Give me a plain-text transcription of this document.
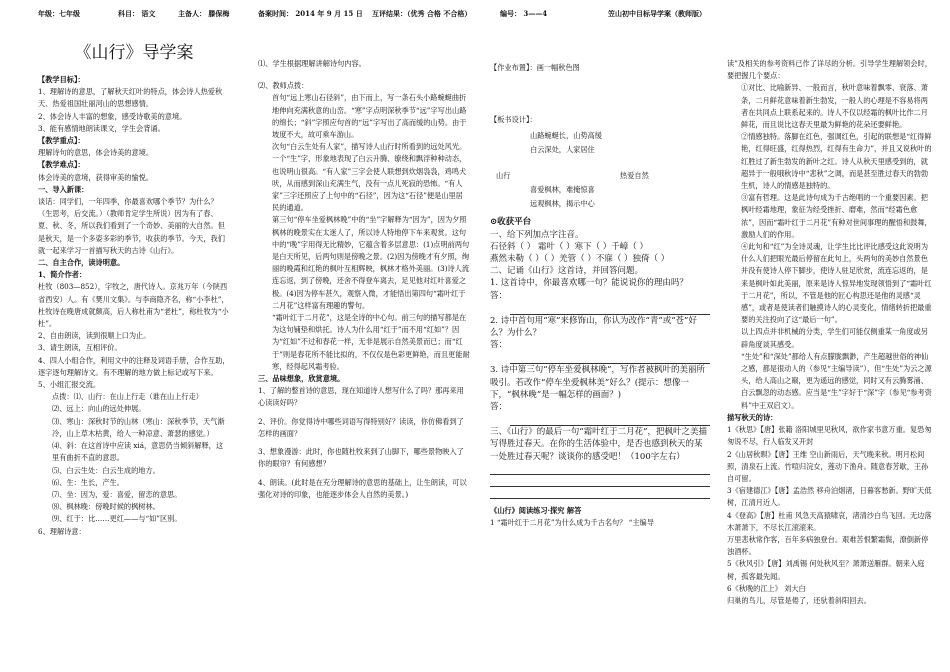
年级：七年级	科目： 语文	主备人： 滕保梅	备案时间： 2014 年 9 月 15 日 互评结果：（优秀 合格 不合格）	编号： 3——4	笠山初中目标导学案（教师版）
《山行》导学案

【教学目标】：

1、理解诗的意思，了解秋天红叶的特点，体会诗人热爱秋天、热爱祖国壮丽河山的思想感情。

2、体会诗人丰富的想象，感受诗歌美的意境。

3、能有感情地朗读课文，学生会背诵。

【教学重点】：

理解诗句的意思，体会诗美的意境。

【教学难点】：

体会诗美的意境，获得审美的愉悦。

一、导入新课：

谈话：同学们，一年四季，你最喜欢哪个季节？为什么？（生思考，后交流。）（教师肯定学生所说）因为有了春、夏、秋、冬，所以我们看到了一个奇妙、美丽的大自然。但是秋天，是一个多姿多彩的季节，收获的季节。今天，我们就一起来学习一首描写秋天的古诗《山行》。

二、自主合作，读诗明意。

1、简介作者：

杜牧（803—852），字牧之，唐代诗人。京兆万年（今陕西省西安）人。有《樊川文集》。与李商隐齐名，称“小李杜”，杜牧诗在晚唐成就颇高，后人称杜甫为“老杜”，称杜牧为“小杜”。

2、自由朗读，读到很顺上口为止。

3、请生朗读，互相评价。

4、四人小组合作，利用文中的注释及词语手册，合作互助，逐字逐句理解诗文。有不理解的地方做上标记或写下来。

5、小组汇报交流。

点拨：⑴、山行：在山上行走（谁在山上行走）

⑵、远上：向山的远处伸展。

⑶、寒山：深秋时节的山林（寒山：深秋季节，天气渐冷，山上草木枯黄，给人一种凉意、萧瑟的感觉。）

⑷、斜：在这首诗中应读 xiá，意思仍当倾斜解释，这里有曲折不直的意思。

⑸、白云生处：白云生成的地方。

⑹、生：生长，产生。

⑺、坐：因为，爱：喜爱，留恋的意思。

⑻、枫林晚：傍晚时候的枫树林。

⑼、红于：比……更红——与“如”区别。

6、理解诗意：

⑴、学生根据理解讲解诗句内容。

⑵、教师点拨：

首句“远上寒山石径斜”，由下而上，写一条石头小路蜿蜒曲折地伸向充满秋意的山峦。“寒”字点明深秋季节“远”字写出山路的绵长；“斜”字照应句首的“远”字写出了高而缓的山势。由于坡度不大，故可乘车游山。

次句“白云生处有人家”，描写诗人山行时所看到的远处风光。一个“生”字，形象地表现了白云升腾、缭绕和飘浮种种动态，也说明山很高。“有人家”三字会使人联想到炊烟袅袅，鸡鸣犬吠，从而感到深山充满生气，没有一点儿死寂的恐怖。“有人家”三字还照应了上句中的“石径”，因为这“石径”便是山里居民的通道。

第三句“停车坐爱枫林晚”中的“坐”字解释为“因为”，因为夕照枫林的晚景实在太迷人了，所以诗人特地停下车来观赏。这句中的“晚”字用得无比精妙，它蕴含着多层意思：(1)点明前两句是白天所见，后两句则是傍晚之景。(2)因为傍晚才有夕照，绚丽的晚霞和红艳的枫叶互相辉映，枫林才格外美丽。(3)诗人流连忘返，到了傍晚，还舍不得登车离去，足见他对红叶喜爱之极。(4)因为停车甚久，观察入微，才能悟出第四句“霜叶红于二月花”这样富有理趣的警句。

“霜叶红于二月花”，这是全诗的中心句。前三句的描写都是在为这句铺垫和烘托。诗人为什么用“红于”而不用“红如”？因为“红如”不过和春花一样，无非是展示自然美景而已；而“红于”则是春花所不能比拟的，不仅仅是色彩更鲜艳，而且更能耐寒，经得起风霜考验。

三、品味想象，欣赏意境。

1、了解的整首诗的意思，现在知道诗人想写什么了吗？那再来用心读读好吗？

2、评价。你觉得诗中哪些词语写得特别好？读读，你仿佛看到了怎样的画面？

3、想象漫游：此时，你也随杜牧来到了山脚下，哪些景物映入了你的眼帘？有何感想？

4、朗读。(此时是在充分理解诗的意思的基础上，让生朗读，可以强化对诗的印象，也能逐步体会人自然的美景。)

【作业布置】：画一幅秋色图

【板书设计】：

山路蜿蜒长，山势高缓
白云深处，人家居住
山行	热爱自然
喜爱枫林，难掩惊喜
远观枫林，揭示中心

⊙收获平台

一、给下列加点字注音。

石径斜（ ） 霜叶（ ）寒下（ ）千嶂（ ）

燕然未勒（ ）（ ）羌管（ ）不寐（ ）独倚（ ）

二、记诵《山行》这首诗，并回答问题。

1. 这首诗中，你最喜欢哪一句？能说说你的理由吗？

答：

2. 诗中首句用“寒”来修饰山，你认为改作“青”或“苍”好么？为什么？

答：

3. 诗中第三句“停车坐爱枫林晚”，写作者被枫叶的美丽所吸引。若改作“停车坐爱枫林美”好么？(提示：想像一下，“枫林晚”是一幅怎样的画面？)

答：

三、《山行》的最后一句“霜叶红于二月花”，把枫叶之美描写得胜过春天。在你的生活体验中，是否也感到秋天的某一处胜过春天呢？谈谈你的感受吧！（100字左右）

《山行》阅读练习·探究 解答

1 “霜叶红于二月花”为什么成为千古名句？ “主编导

读”及相关的参考资料已作了详尽的分析。引导学生理解领会时，要把握几个要点：

①对比、比喻新异、一般而言，秋叶意味着飘零、衰落、萧条，二月鲜花意味着新生勃发，一般人的心理是不容易将两者在共同点上联系起来的。诗人不仅以经霜的枫叶比作二月鲜花，而且说比这春天里最为鲜艳的花朵还要鲜艳。

②情感独特。落脚在红色，强调红色，引起的联想是“红得鲜艳，红得旺盛，红得热烈，红得有生命力”，并且又说秋叶的红胜过了新生勃发的新叶之红。诗人从秋天里感受到的，就超异于一般哦秋诗中“悲秋”之调，而是甚至胜过春天的勃勃生机，诗人的情感是独特的。

③富有哲理。这是此诗句成为千古绝唱的一个重要因素。把枫叶经霜地理，象征为经受挫折、磨难，然而“经霜色愈浓”，因而“霜叶红于二月花”有种对世间事理的醒悟和鼓舞，激励人们的作用。

④此句和“红”为全诗灵魂，让学生比比评比感受这此说明为什么人们把眼光最后停留在此句上，头两句的美妙自然景色并没有使诗人停下脚步，使诗人驻足欣赏，流连忘返的，是来是枫叶如此美丽，原来是诗人惊异地发现领悟到了“霜叶红于二月花”，所以，不管是他的匠心构思还是他的灵感“灵感”，或者是使读者们触摸诗人的心灵变化，情绪转折把最重要的关注投向了这“最后一句”。

以上四点并非机械的分类，学生们可能仅侧重某一角度或另辟角度谈其感受。

“生处”和“深处”都给人有点朦胧飘渺，产生超越世俗的神仙之感，都是很动人的（参见“主编导读”），但“生处”为云之源头，给人高山之巅，更为遥远的感觉，同时又有云腾雾涌、白云飘忽的动态感。应当是“生”字好于“深”字（参见“参考资料”中王双启文）。

描写秋天的诗：

1《秋思》【唐】张籍 洛阳城里见秋风，欲作家书意万重。复恐匆匆说不尽，行人临发又开封

2《山居秋暝》【唐】王维 空山新雨后，天气晚来秋。明月松间照，清泉石上流。竹喧归浣女，莲动下渔舟。随意春芳歇，王孙自可留。

3《宿建德江》【唐】孟浩然 移舟泊烟渚，日暮客愁新。野旷天低树，江清月近人。

4《登高》【唐】杜甫 风急天高猿啸哀，渚清沙白鸟飞回。无边落木萧萧下，不尽长江滚滚来。

万里悲秋常作客，百年多病独登台。艰难苦恨繁霜鬓，潦倒新停浊酒杯。

5《秋风引》【唐】刘禹锡 何处秋风至？萧萧送雁群。朝来入庭树，孤客最先闻。

6《秋晚的江上》 刘大白

归巢的鸟儿，尽管是倦了，还驮着斜阳回去。
